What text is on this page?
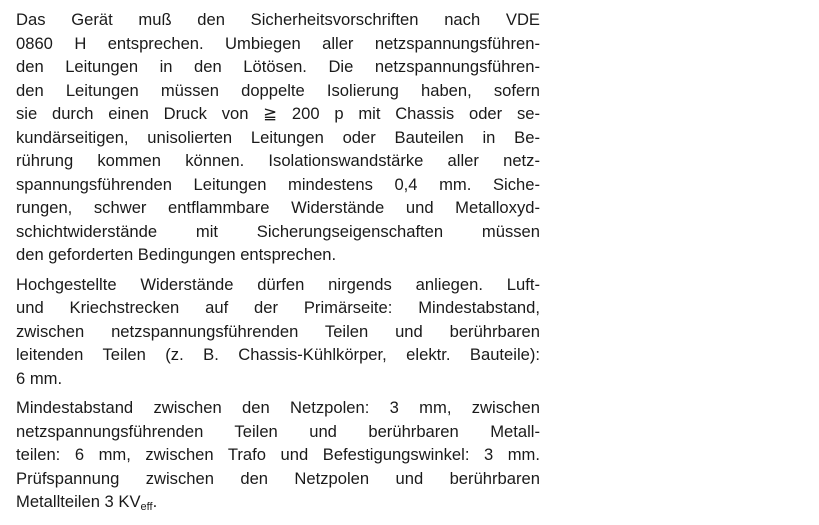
Das Gerät muß den Sicherheitsvorschriften nach VDE
0860 H entsprechen. Umbiegen aller netzspannungsführen-
den Leitungen in den Lötösen. Die netzspannungsführen-
den Leitungen müssen doppelte Isolierung haben, sofern
sie durch einen Druck von ≧ 200 p mit Chassis oder se-
kundärseitigen, unisolierten Leitungen oder Bauteilen in Be-
rührung kommen können. Isolationswandstärke aller netz-
spannungsführenden Leitungen mindestens 0,4 mm. Siche-
rungen, schwer entflammbare Widerstände und Metalloxyd-
schichtwiderstände mit Sicherungseigenschaften müssen
den geforderten Bedingungen entsprechen.

Hochgestellte Widerstände dürfen nirgends anliegen. Luft-
und Kriechstrecken auf der Primärseite: Mindestabstand,
zwischen netzspannungsführenden Teilen und berührbaren
leitenden Teilen (z. B. Chassis-Kühlkörper, elektr. Bauteile):
6 mm.

Mindestabstand zwischen den Netzpolen: 3 mm, zwischen
netzspannungsführenden Teilen und berührbaren Metall-
teilen: 6 mm, zwischen Trafo und Befestigungswinkel: 3 mm.
Prüfspannung zwischen den Netzpolen und berührbaren
Metallteilen 3 $KV_{eff}$.
